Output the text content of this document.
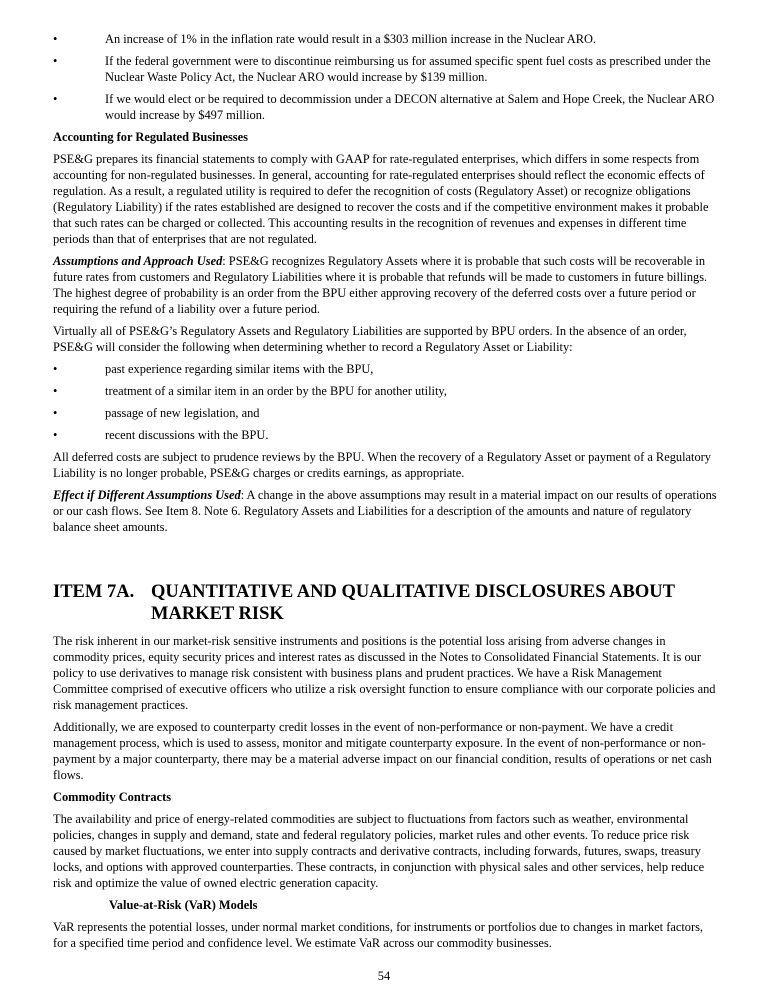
•	An increase of 1% in the inflation rate would result in a $303 million increase in the Nuclear ARO.
•	If the federal government were to discontinue reimbursing us for assumed specific spent fuel costs as prescribed under the Nuclear Waste Policy Act, the Nuclear ARO would increase by $139 million.
•	If we would elect or be required to decommission under a DECON alternative at Salem and Hope Creek, the Nuclear ARO would increase by $497 million.
Accounting for Regulated Businesses

PSE&G prepares its financial statements to comply with GAAP for rate-regulated enterprises, which differs in some respects from accounting for non-regulated businesses. In general, accounting for rate-regulated enterprises should reflect the economic effects of regulation. As a result, a regulated utility is required to defer the recognition of costs (Regulatory Asset) or recognize obligations (Regulatory Liability) if the rates established are designed to recover the costs and if the competitive environment makes it probable that such rates can be charged or collected. This accounting results in the recognition of revenues and expenses in different time periods than that of enterprises that are not regulated.

Assumptions and Approach Used: PSE&G recognizes Regulatory Assets where it is probable that such costs will be recoverable in future rates from customers and Regulatory Liabilities where it is probable that refunds will be made to customers in future billings. The highest degree of probability is an order from the BPU either approving recovery of the deferred costs over a future period or requiring the refund of a liability over a future period.

Virtually all of PSE&G’s Regulatory Assets and Regulatory Liabilities are supported by BPU orders. In the absence of an order, PSE&G will consider the following when determining whether to record a Regulatory Asset or Liability:

•	past experience regarding similar items with the BPU,
•	treatment of a similar item in an order by the BPU for another utility,
•	passage of new legislation, and
•	recent discussions with the BPU.

All deferred costs are subject to prudence reviews by the BPU. When the recovery of a Regulatory Asset or payment of a Regulatory Liability is no longer probable, PSE&G charges or credits earnings, as appropriate.

Effect if Different Assumptions Used: A change in the above assumptions may result in a material impact on our results of operations or our cash flows. See Item 8. Note 6. Regulatory Assets and Liabilities for a description of the amounts and nature of regulatory balance sheet amounts.

ITEM 7A. QUANTITATIVE AND QUALITATIVE DISCLOSURES ABOUT MARKET RISK

The risk inherent in our market-risk sensitive instruments and positions is the potential loss arising from adverse changes in commodity prices, equity security prices and interest rates as discussed in the Notes to Consolidated Financial Statements. It is our policy to use derivatives to manage risk consistent with business plans and prudent practices. We have a Risk Management Committee comprised of executive officers who utilize a risk oversight function to ensure compliance with our corporate policies and risk management practices.

Additionally, we are exposed to counterparty credit losses in the event of non-performance or non-payment. We have a credit management process, which is used to assess, monitor and mitigate counterparty exposure. In the event of non-performance or non-payment by a major counterparty, there may be a material adverse impact on our financial condition, results of operations or net cash flows.

Commodity Contracts

The availability and price of energy-related commodities are subject to fluctuations from factors such as weather, environmental policies, changes in supply and demand, state and federal regulatory policies, market rules and other events. To reduce price risk caused by market fluctuations, we enter into supply contracts and derivative contracts, including forwards, futures, swaps, treasury locks, and options with approved counterparties. These contracts, in conjunction with physical sales and other services, help reduce risk and optimize the value of owned electric generation capacity.

Value-at-Risk (VaR) Models

VaR represents the potential losses, under normal market conditions, for instruments or portfolios due to changes in market factors, for a specified time period and confidence level. We estimate VaR across our commodity businesses.

54
